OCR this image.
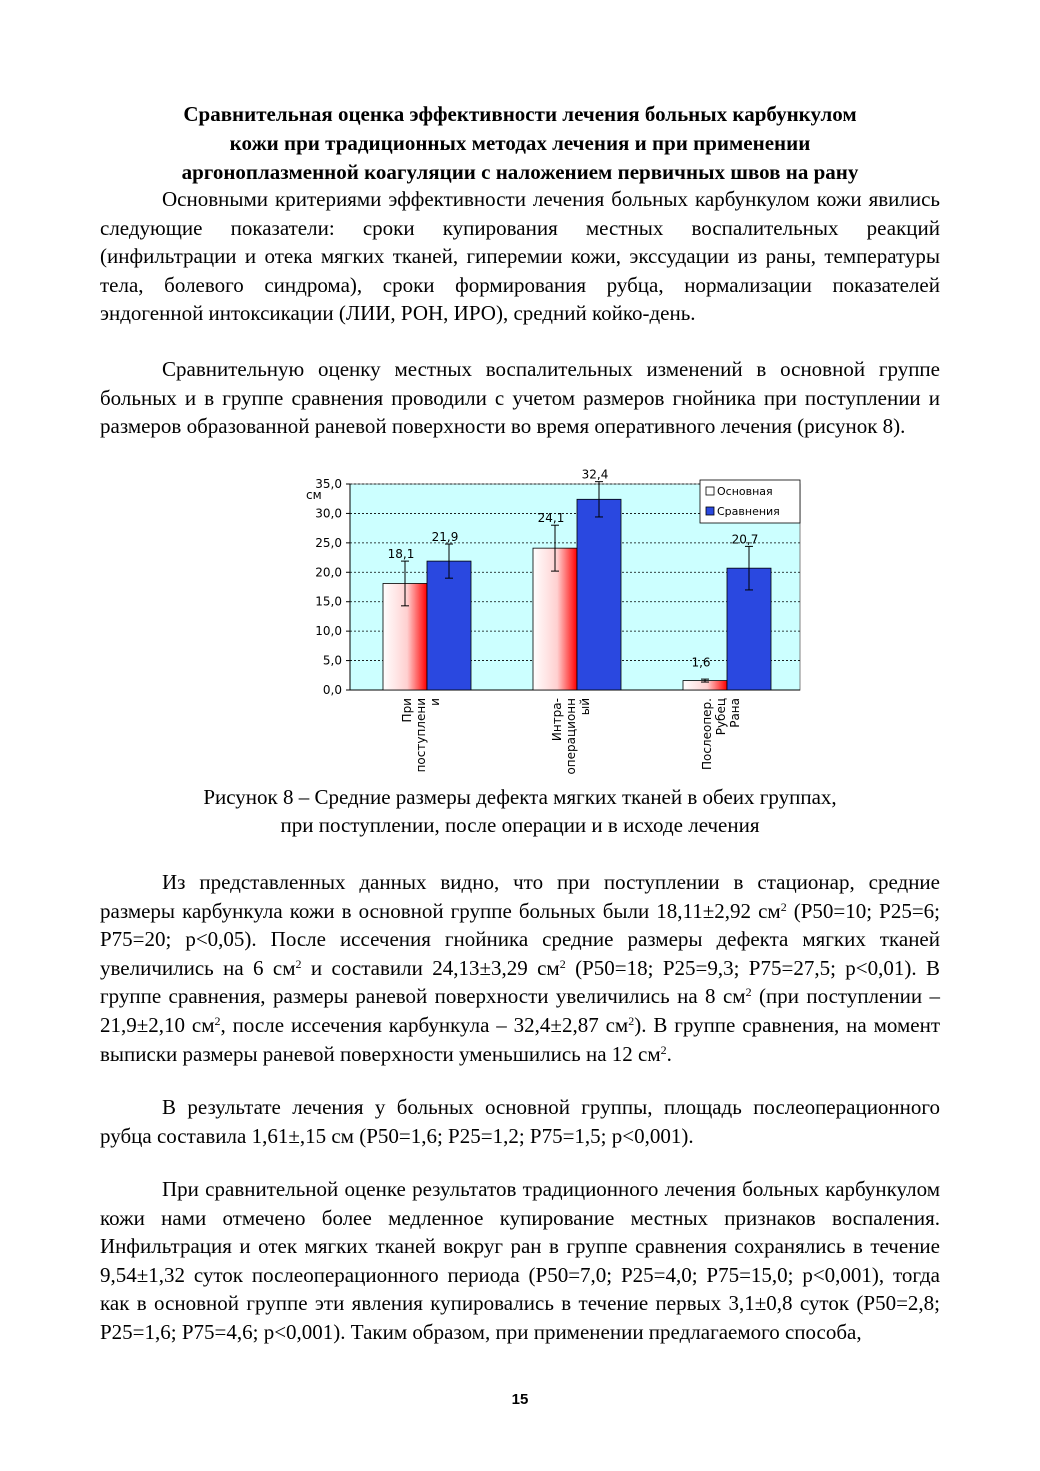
Сравнительная оценка эффективности лечения больных карбункулом
кожи при традиционных методах лечения и при применении
аргоноплазменной коагуляции с наложением первичных швов на рану
Основными критериями эффективности лечения больных карбункулом кожи явились следующие показатели: сроки купирования местных воспалительных реакций (инфильтрации и отека мягких тканей, гиперемии кожи, экссудации из раны, температуры тела, болевого синдрома), сроки формирования рубца, нормализации показателей эндогенной интоксикации (ЛИИ, РОН, ИРО), средний койко-день.
Сравнительную оценку местных воспалительных изменений в основной группе больных и в группе сравнения проводили с учетом размеров гнойника при поступлении и размеров образованной раневой поверхности во время оперативного лечения (рисунок 8).
0,0
5,0
10,0
15,0
20,0
25,0
30,0
35,0
см
18,1
21,9
При поступлени и
24,1
32,4
Интра- операционн ый
1,6
20,7
Послеопер. Рубец Рана
Основная
Сравнения
Рисунок 8 – Средние размеры дефекта мягких тканей в обеих группах,
при поступлении, после операции и в исходе лечения
Из представленных данных видно, что при поступлении в стационар, средние размеры карбункула кожи в основной группе больных были 18,11±2,92 $см^2$ (Р50=10; Р25=6; Р75=20; р<0,05). После иссечения гнойника средние размеры дефекта мягких тканей увеличились на 6 $см^2$ и составили 24,13±3,29 $см^2$ (Р50=18; Р25=9,3; Р75=27,5; р<0,01). В группе сравнения, размеры раневой поверхности увеличились на 8 $см^2$ (при поступлении – 21,9±2,10 $см^2$, после иссечения карбункула – 32,4±2,87 $см^2$). В группе сравнения, на момент выписки размеры раневой поверхности уменьшились на 12 $см^2$.
В результате лечения у больных основной группы, площадь послеоперационного рубца составила 1,61±,15 см (Р50=1,6; Р25=1,2; Р75=1,5; р<0,001).
При сравнительной оценке результатов традиционного лечения больных карбункулом кожи нами отмечено более медленное купирование местных признаков воспаления. Инфильтрация и отек мягких тканей вокруг ран в группе сравнения сохранялись в течение 9,54±1,32 суток послеоперационного периода (Р50=7,0; Р25=4,0; Р75=15,0; р<0,001), тогда как в основной группе эти явления купировались в течение первых 3,1±0,8 суток (Р50=2,8; Р25=1,6; Р75=4,6; р<0,001). Таким образом, при применении предлагаемого способа,
15
